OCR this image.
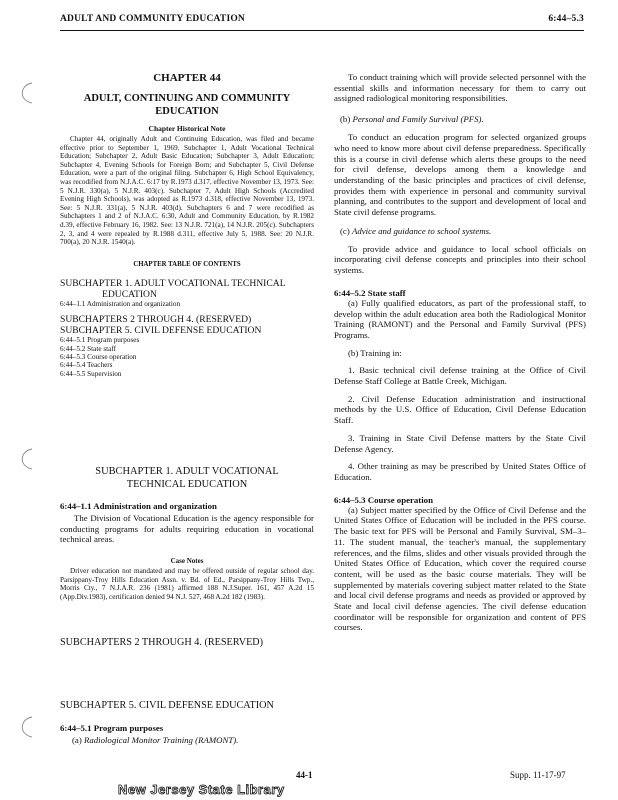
ADULT AND COMMUNITY EDUCATION	6:44–5.3
CHAPTER 44
ADULT, CONTINUING AND COMMUNITY
EDUCATION
Chapter Historical Note

Chapter 44, originally Adult and Continuing Education, was filed and became effective prior to September 1, 1969. Subchapter 1, Adult Vocational Technical Education; Subchapter 2, Adult Basic Education; Subchapter 3, Adult Education; Subchapter 4, Evening Schools for Foreign Born; and Subchapter 5, Civil Defense Education, were a part of the original filing. Subchapter 6, High School Equivalency, was recodified from N.J.A.C. 6:17 by R.1973 d.317, effective November 13, 1973. See: 5 N.J.R. 330(a), 5 N.J.R. 403(c). Subchapter 7, Adult High Schools (Accredited Evening High Schools), was adopted as R.1973 d.318, effective November 13, 1973. See: 5 N.J.R. 331(a), 5 N.J.R. 403(d). Subchapters 6 and 7 were recodified as Subchapters 1 and 2 of N.J.A.C. 6:30, Adult and Community Education, by R.1982 d.39, effective February 16, 1982. See: 13 N.J.R. 721(a), 14 N.J.R. 205(c). Subchapters 2, 3, and 4 were repealed by R.1988 d.311, effective July 5, 1988. See: 20 N.J.R. 700(a), 20 N.J.R. 1540(a).

CHAPTER TABLE OF CONTENTS
SUBCHAPTER 1. ADULT VOCATIONAL TECHNICAL
EDUCATION
6:44–1.1 Administration and organization
SUBCHAPTERS 2 THROUGH 4. (RESERVED)
SUBCHAPTER 5. CIVIL DEFENSE EDUCATION
6:44–5.1 Program purposes
6:44–5.2 State staff
6:44–5.3 Course operation
6:44–5.4 Teachers
6:44–5.5 Supervision
SUBCHAPTER 1. ADULT VOCATIONAL
TECHNICAL EDUCATION
6:44–1.1 Administration and organization

The Division of Vocational Education is the agency responsible for conducting programs for adults requiring education in vocational technical areas.

Case Notes

Driver education not mandated and may be offered outside of regular school day. Parsippany-Troy Hills Education Assn. v. Bd. of Ed., Parsippany-Troy Hills Twp., Morris Cty., 7 N.J.A.R. 236 (1981) affirmed 188 N.J.Super. 161, 457 A.2d 15 (App.Div.1983), certification denied 94 N.J. 527, 468 A.2d 182 (1983).

SUBCHAPTERS 2 THROUGH 4. (RESERVED)
SUBCHAPTER 5. CIVIL DEFENSE EDUCATION
6:44–5.1 Program purposes

(a) Radiological Monitor Training (RAMONT).

To conduct training which will provide selected personnel with the essential skills and information necessary for them to carry out assigned radiological monitoring responsibilities.

(b) Personal and Family Survival (PFS).

To conduct an education program for selected organized groups who need to know more about civil defense preparedness. Specifically this is a course in civil defense which alerts these groups to the need for civil defense, develops among them a knowledge and understanding of the basic principles and practices of civil defense, provides them with experience in personal and community survival planning, and contributes to the support and development of local and State civil defense programs.

(c) Advice and guidance to school systems.

To provide advice and guidance to local school officials on incorporating civil defense concepts and principles into their school systems.

6:44–5.2 State staff

(a) Fully qualified educators, as part of the professional staff, to develop within the adult education area both the Radiological Monitor Training (RAMONT) and the Personal and Family Survival (PFS) Programs.

(b) Training in:

1. Basic technical civil defense training at the Office of Civil Defense Staff College at Battle Creek, Michigan.

2. Civil Defense Education administration and instructional methods by the U.S. Office of Education, Civil Defense Education Staff.

3. Training in State Civil Defense matters by the State Civil Defense Agency.

4. Other training as may be prescribed by United States Office of Education.

6:44–5.3 Course operation

(a) Subject matter specified by the Office of Civil Defense and the United States Office of Education will be included in the PFS course. The basic text for PFS will be Personal and Family Survival, SM–3–11. The student manual, the teacher's manual, the supplementary references, and the films, slides and other visuals provided through the United States Office of Education, which cover the required course content, will be used as the basic course materials. They will be supplemented by materials covering subject matter related to the State and local civil defense programs and needs as provided or approved by State and local civil defense agencies. The civil defense education coordinator will be responsible for organization and content of PFS courses.

44-1	Supp. 11-17-97
New Jersey State Library
